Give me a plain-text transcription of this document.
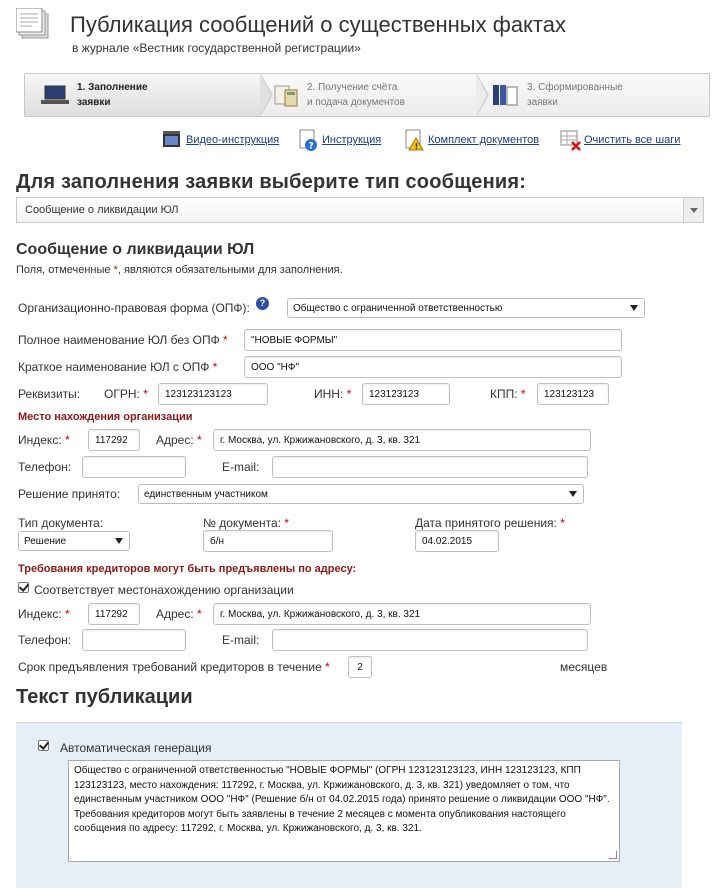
Публикация сообщений о существенных фактах
в журнале «Вестник государственной регистрации»
1. Заполнение
заявки
2. Получение счёта
и подача документов
3. Сформированные
заявки
Видео-инструкция
?
Инструкция
!
Комплект документов	Очистить все шаги
Для заполнения заявки выберите тип сообщения:
Сообщение о ликвидации ЮЛ
Сообщение о ликвидации ЮЛ
Поля, отмеченные *, являются обязательными для заполнения.
Организационно-правовая форма (ОПФ):	?	Общество с ограниченной ответственностью
Полное наименование ЮЛ без ОПФ *	"НОВЫЕ ФОРМЫ"
Краткое наименование ЮЛ с ОПФ *	ООО "НФ"
Реквизиты: ОГРН: *	123123123123	ИНН: *	123123123	КПП: *	123123123
Место нахождения организации
Индекс: *	117292	Адрес: *	г. Москва, ул. Кржижановского, д. 3, кв. 321
Телефон:	E-mail:
Решение принято:	единственным участником
Тип документа:
Решение
№ документа: *
б/н
Дата принятого решения: *
04.02.2015
Требования кредиторов могут быть предъявлены по адресу:
Соответствует местонахождению организации
Индекс: *	117292	Адрес: *	г. Москва, ул. Кржижановского, д. 3, кв. 321
Телефон:	E-mail:
Срок предъявления требований кредиторов в течение *	2	месяцев
Текст публикации
Автоматическая генерация
Общество с ограниченной ответственностью "НОВЫЕ ФОРМЫ" (ОГРН 123123123123, ИНН 123123123, КПП 123123123, место нахождения: 117292, г. Москва, ул. Кржижановского, д. 3, кв. 321) уведомляет о том, что единственным участником ООО "НФ" (Решение б/н от 04.02.2015 года) принято решение о ликвидации ООО "НФ". Требования кредиторов могут быть заявлены в течение 2 месяцев с момента опубликования настоящего сообщения по адресу: 117292, г. Москва, ул. Кржижановского, д. 3, кв. 321.
